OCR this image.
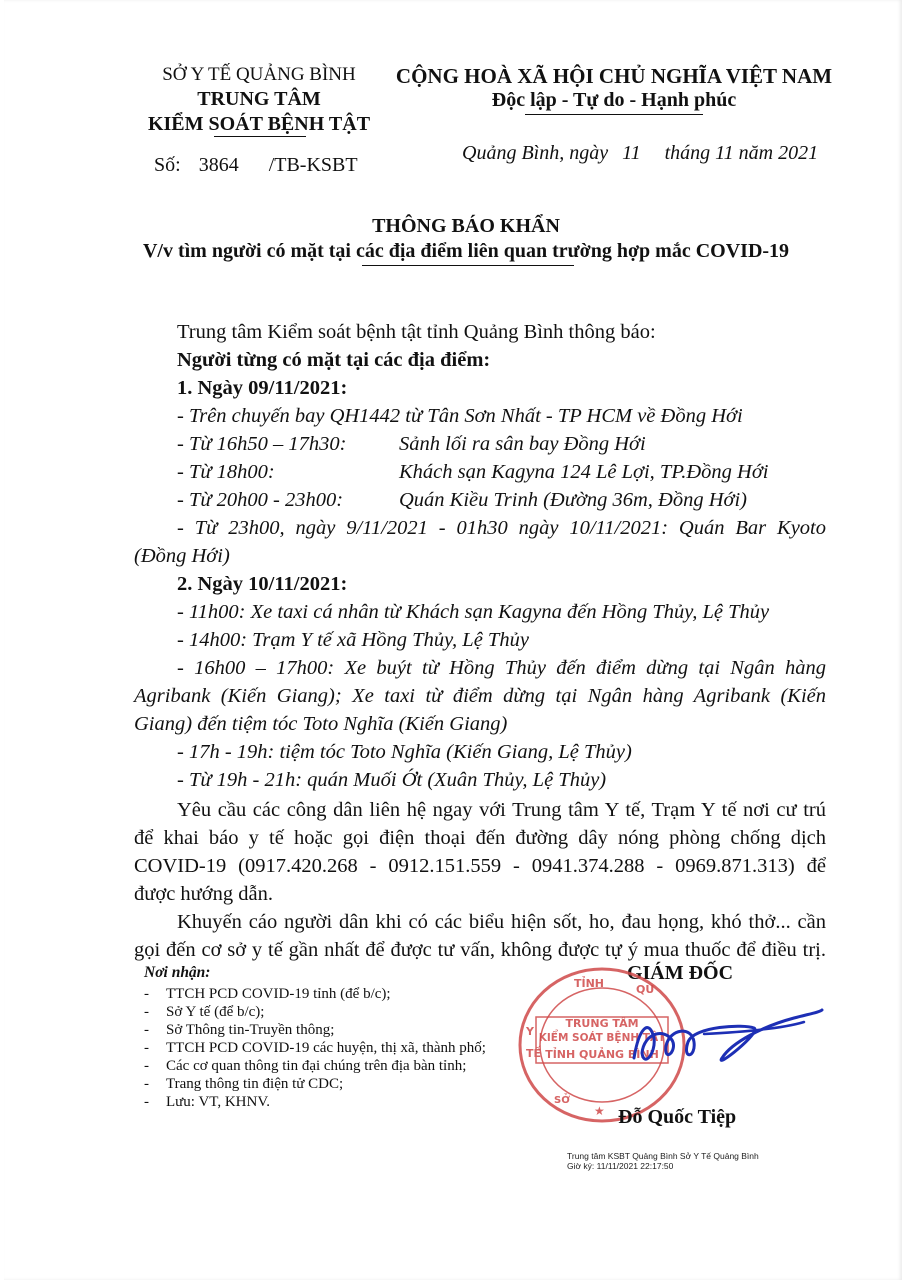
SỞ Y TẾ QUẢNG BÌNH
TRUNG TÂM
KIỂM SOÁT BỆNH TẬT
Số: 3864 /TB-KSBT
CỘNG HOÀ XÃ HỘI CHỦ NGHĨA VIỆT NAM
Độc lập - Tự do - Hạnh phúc
Quảng Bình, ngày 11 tháng 11 năm 2021
THÔNG BÁO KHẨN
V/v tìm người có mặt tại các địa điểm liên quan trường hợp mắc COVID-19
Trung tâm Kiểm soát bệnh tật tỉnh Quảng Bình thông báo:
Người từng có mặt tại các địa điểm:
1. Ngày 09/11/2021:
- Trên chuyến bay QH1442 từ Tân Sơn Nhất - TP HCM về Đồng Hới
- Từ 16h50 – 17h30:	Sảnh lối ra sân bay Đồng Hới
- Từ 18h00:	Khách sạn Kagyna 124 Lê Lợi, TP.Đồng Hới
- Từ 20h00 - 23h00:	Quán Kiều Trinh (Đường 36m, Đồng Hới)
- Từ 23h00, ngày 9/11/2021 - 01h30 ngày 10/11/2021: Quán Bar Kyoto
(Đồng Hới)
2. Ngày 10/11/2021:
- 11h00: Xe taxi cá nhân từ Khách sạn Kagyna đến Hồng Thủy, Lệ Thủy
- 14h00: Trạm Y tế xã Hồng Thủy, Lệ Thủy
- 16h00 – 17h00: Xe buýt từ Hồng Thủy đến điểm dừng tại Ngân hàng
Agribank (Kiến Giang); Xe taxi từ điểm dừng tại Ngân hàng Agribank (Kiến
Giang) đến tiệm tóc Toto Nghĩa (Kiến Giang)
- 17h - 19h: tiệm tóc Toto Nghĩa (Kiến Giang, Lệ Thủy)
- Từ 19h - 21h: quán Muối Ớt (Xuân Thủy, Lệ Thủy)
Yêu cầu các công dân liên hệ ngay với Trung tâm Y tế, Trạm Y tế nơi cư trú
để khai báo y tế hoặc gọi điện thoại đến đường dây nóng phòng chống dịch
COVID-19 (0917.420.268 - 0912.151.559 - 0941.374.288 - 0969.871.313) để
được hướng dẫn.
Khuyến cáo người dân khi có các biểu hiện sốt, ho, đau họng, khó thở... cần
gọi đến cơ sở y tế gần nhất để được tư vấn, không được tự ý mua thuốc để điều trị.
Nơi nhận:
- TTCH PCD COVID-19 tỉnh (để b/c);
- Sở Y tế (để b/c);
- Sở Thông tin-Truyền thông;
- TTCH PCD COVID-19 các huyện, thị xã, thành phố;
- Các cơ quan thông tin đại chúng trên địa bàn tỉnh;
- Trang thông tin điện tử CDC;
- Lưu: VT, KHNV.
GIÁM ĐỐC
TRUNG TÂM
KIỂM SOÁT BỆNH TẬT
TỈNH QUẢNG BÌNH
TỈNH	QU
Y
TẾ
★
SỞ
Đỗ Quốc Tiệp
Trung tâm KSBT Quảng Bình Sở Y Tế Quảng Bình
Giờ ký: 11/11/2021 22:17:50
